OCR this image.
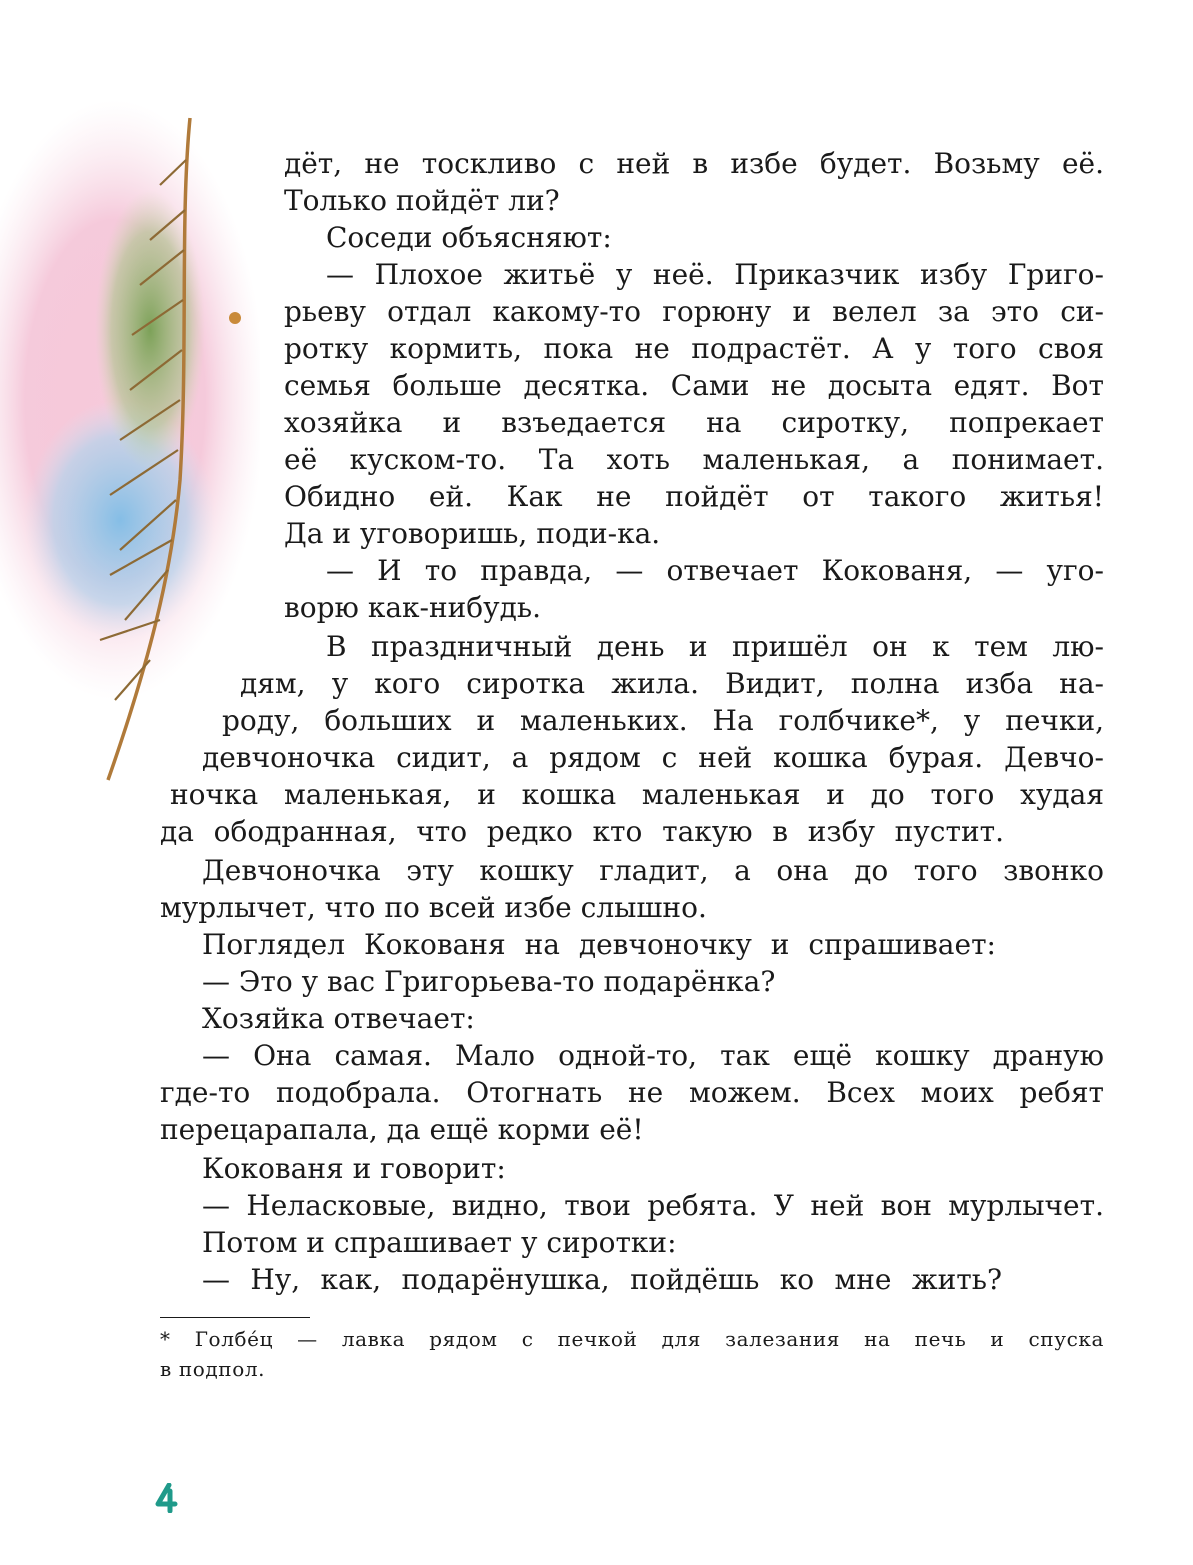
дёт, не тоскливо с ней в избе будет. Возьму её.
Только пойдёт ли?
Соседи объясняют:
— Плохое житьё у неё. Приказчик избу Григо-
рьеву отдал какому-то горюну и велел за это си-
ротку кормить, пока не подрастёт. А у того своя
семья больше десятка. Сами не досыта едят. Вот
хозяйка и взъедается на сиротку, попрекает
её куском-то. Та хоть маленькая, а понимает.
Обидно ей. Как не пойдёт от такого житья!
Да и уговоришь, поди-ка.
— И то правда, — отвечает Кокованя, — уго-
ворю как-нибудь.
В праздничный день и пришёл он к тем лю-
дям, у кого сиротка жила. Видит, полна изба на-
роду, больших и маленьких. На голбчике*, у печки,
девчоночка сидит, а рядом с ней кошка бурая. Девчо-
ночка маленькая, и кошка маленькая и до того худая
да ободранная, что редко кто такую в избу пустит.
Девчоночка эту кошку гладит, а она до того звонко
мурлычет, что по всей избе слышно.
Поглядел Кокованя на девчоночку и спрашивает:
— Это у вас Григорьева-то подарёнка?
Хозяйка отвечает:
— Она самая. Мало одной-то, так ещё кошку драную
где-то подобрала. Отогнать не можем. Всех моих ребят
перецарапала, да ещё корми её!
Кокованя и говорит:
— Неласковые, видно, твои ребята. У ней вон мурлычет.
Потом и спрашивает у сиротки:
— Ну, как, подарёнушка, пойдёшь ко мне жить?
* Голбе́ц — лавка рядом с печкой для залезания на печь и спуска
в подпол.
4
